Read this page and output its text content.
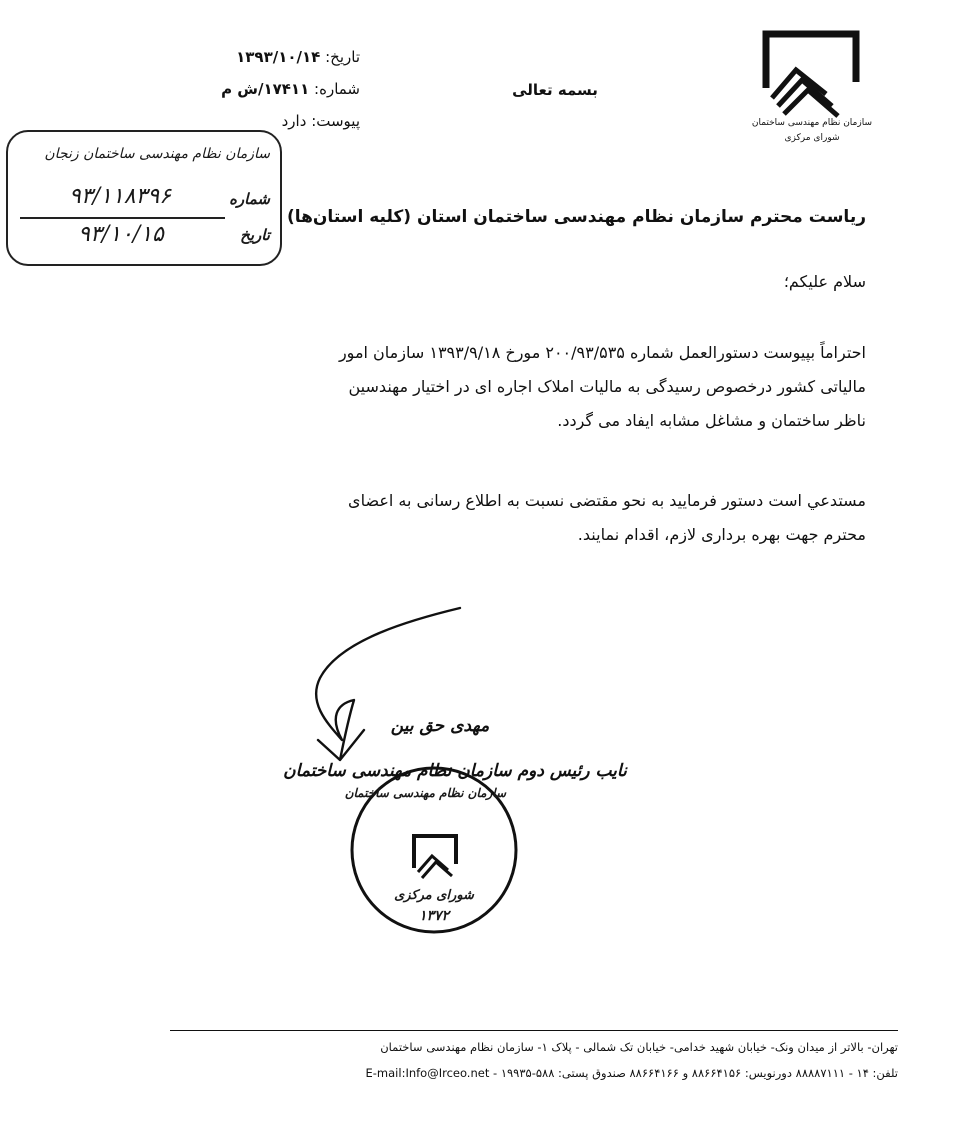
سازمان نظام مهندسی ساختمان
شورای مرکزی
بسمه تعالی
تاریخ: ۱۳۹۳/۱۰/۱۴
شماره: ۱۷۴۱۱/ش م
پیوست: دارد
سازمان نظام مهندسی ساختمان زنجان
شماره
۹۳/۱۱۸۳۹۶
تاریخ
۹۳/۱۰/۱۵
ریاست محترم سازمان نظام مهندسی ساختمان استان (کلیه استان‌ها)
سلام علیکم؛
احتراماً بپیوست دستورالعمل شماره ۲۰۰/۹۳/۵۳۵ مورخ ۱۳۹۳/۹/۱۸ سازمان امور
مالیاتی کشور درخصوص رسیدگی به مالیات املاک اجاره ای در اختیار مهندسین
ناظر ساختمان و مشاغل مشابه ایفاد می گردد.
مستدعي است دستور فرمایید به نحو مقتضی نسبت به اطلاع رسانی به اعضای
محترم جهت بهره برداری لازم، اقدام نمایند.
مهدی حق بین
نایب رئیس دوم سازمان نظام مهندسی ساختمان
سازمان نظام مهندسی ساختمان
شورای مرکزی
۱۳۷۲
تهران- بالاتر از میدان ونک- خیابان شهید خدامی- خیابان تک شمالی - پلاک ۱- سازمان نظام مهندسی ساختمان
تلفن: ۱۴ - ۸۸۸۸۷۱۱۱ دورنویس: ۸۸۶۶۴۱۵۶ و ۸۸۶۶۴۱۶۶ صندوق پستی: ۵۸۸-۱۹۹۳۵ - E-mail:Info@Irceo.net
